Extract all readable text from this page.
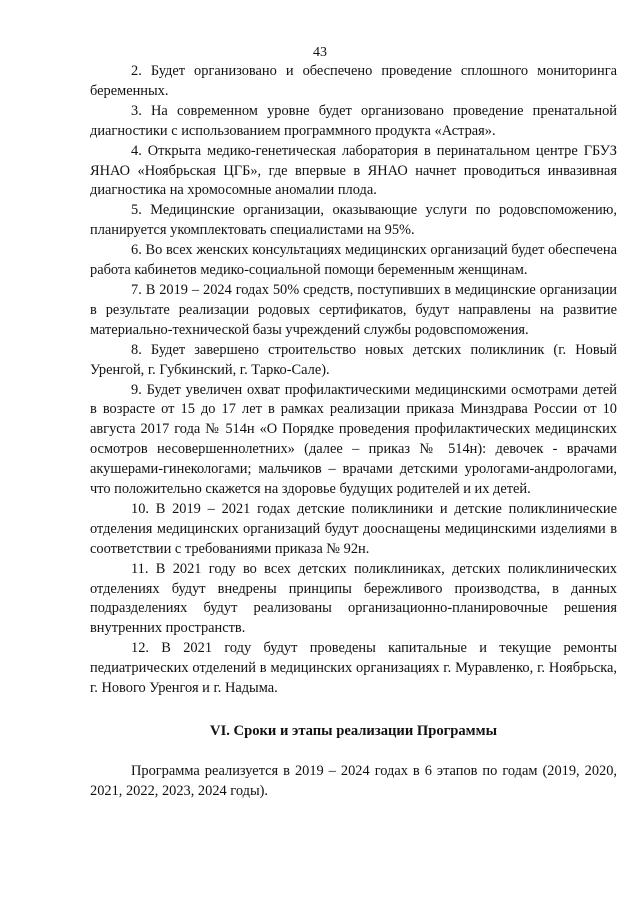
43

2. Будет организовано и обеспечено проведение сплошного мониторинга беременных.

3. На современном уровне будет организовано проведение пренатальной диагностики с использованием программного продукта «Астрая».

4. Открыта медико-генетическая лаборатория в перинатальном центре ГБУЗ ЯНАО «Ноябрьская ЦГБ», где впервые в ЯНАО начнет проводиться инвазивная диагностика на хромосомные аномалии плода.

5. Медицинские организации, оказывающие услуги по родовспоможению, планируется укомплектовать специалистами на 95%.

6. Во всех женских консультациях медицинских организаций будет обеспечена работа кабинетов медико-социальной помощи беременным женщинам.

7. В 2019 – 2024 годах 50% средств, поступивших в медицинские организации в результате реализации родовых сертификатов, будут направлены на развитие материально-технической базы учреждений службы родовспоможения.

8. Будет завершено строительство новых детских поликлиник (г. Новый Уренгой, г. Губкинский, г. Тарко-Сале).

9. Будет увеличен охват профилактическими медицинскими осмотрами детей в возрасте от 15 до 17 лет в рамках реализации приказа Минздрава России от 10 августа 2017 года № 514н «О Порядке проведения профилактических медицинских осмотров несовершеннолетних» (далее – приказ № 514н): девочек - врачами акушерами-гинекологами; мальчиков – врачами детскими урологами-андрологами, что положительно скажется на здоровье будущих родителей и их детей.

10. В 2019 – 2021 годах детские поликлиники и детские поликлинические отделения медицинских организаций будут дооснащены медицинскими изделиями в соответствии с требованиями приказа № 92н.

11. В 2021 году во всех детских поликлиниках, детских поликлинических отделениях будут внедрены принципы бережливого производства, в данных подразделениях будут реализованы организационно-планировочные решения внутренних пространств.

12. В 2021 году будут проведены капитальные и текущие ремонты педиатрических отделений в медицинских организациях г. Муравленко, г. Ноябрьска, г. Нового Уренгоя и г. Надыма.

VI. Сроки и этапы реализации Программы

Программа реализуется в 2019 – 2024 годах в 6 этапов по годам (2019, 2020, 2021, 2022, 2023, 2024 годы).
